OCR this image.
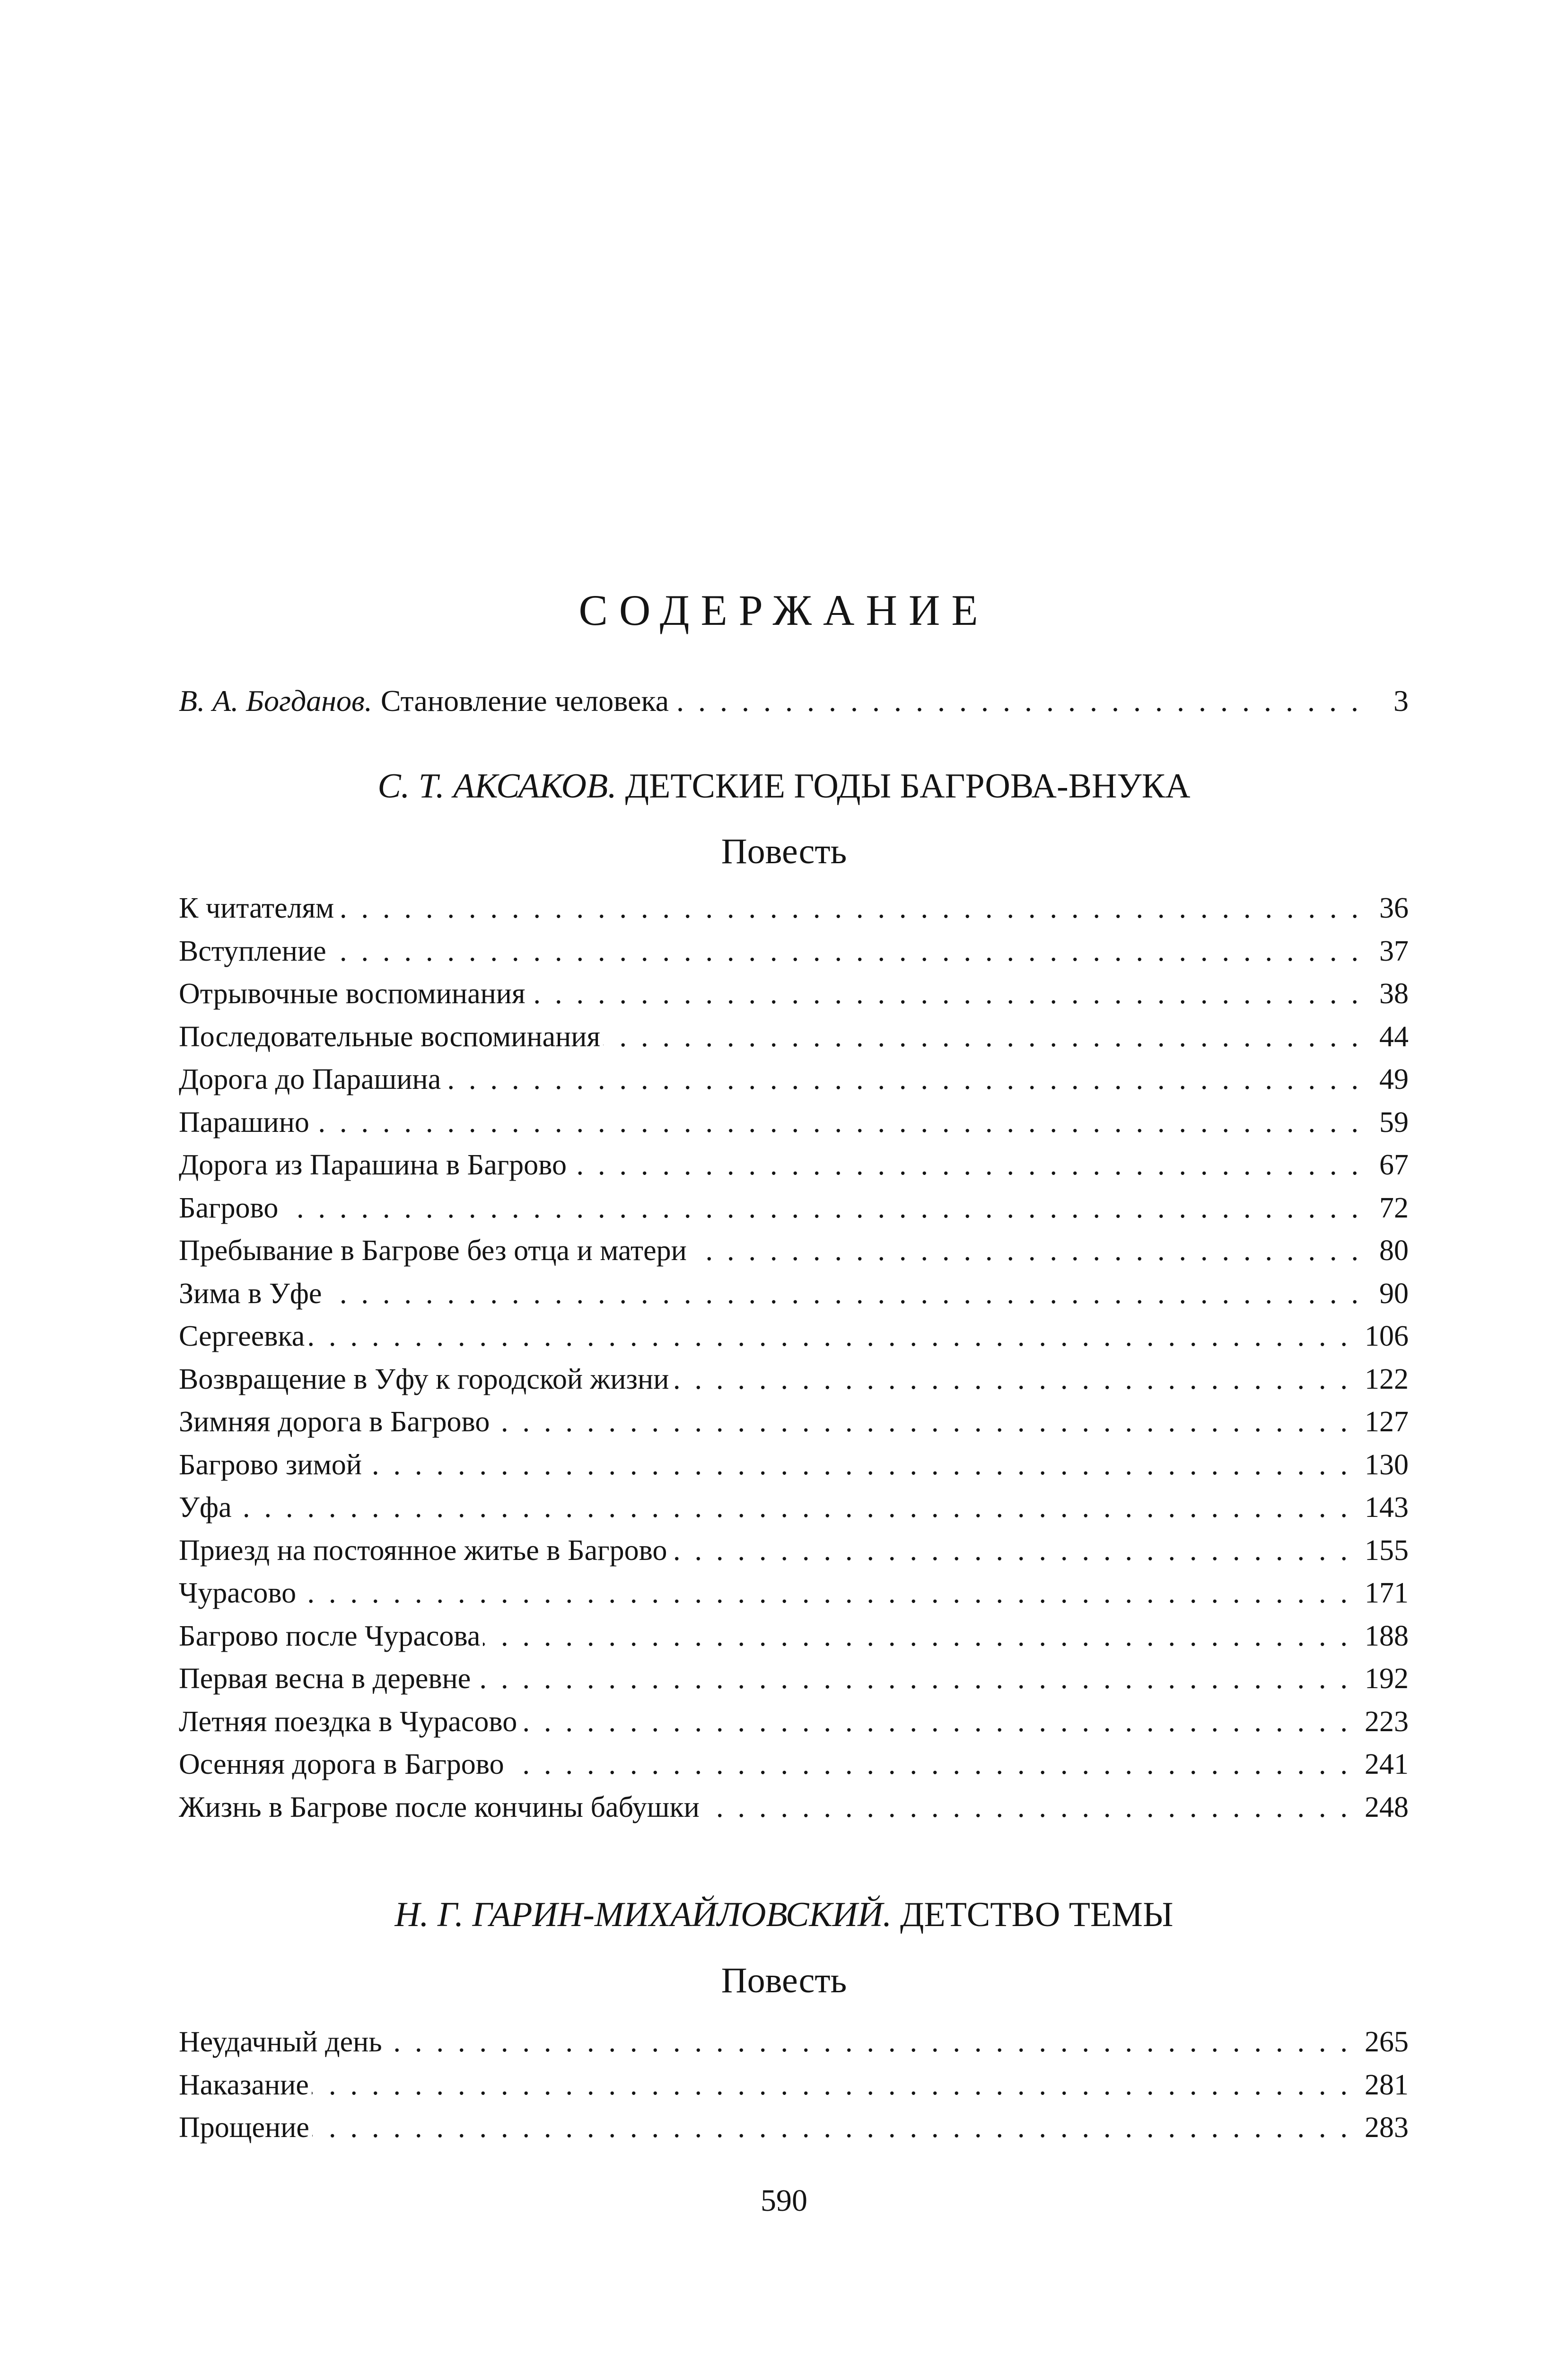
СОДЕРЖАНИЕ
В. А. Богданов. Становление человека .....	3
С. Т. АКСАКОВ. ДЕТСКИЕ ГОДЫ БАГРОВА-ВНУКА
Повесть
К читателям .....	36
Вступление .....	37
Отрывочные воспоминания .....	38
Последовательные воспоминания .....	44
Дорога до Парашина .....	49
Парашино .....	59
Дорога из Парашина в Багрово .....	67
Багрово .....	72
Пребывание в Багрове без отца и матери .....	80
Зима в Уфе .....	90
Сергеевка .....	106
Возвращение в Уфу к городской жизни .....	122
Зимняя дорога в Багрово .....	127
Багрово зимой .....	130
Уфа .....	143
Приезд на постоянное житье в Багрово .....	155
Чурасово .....	171
Багрово после Чурасова .....	188
Первая весна в деревне .....	192
Летняя поездка в Чурасово .....	223
Осенняя дорога в Багрово .....	241
Жизнь в Багрове после кончины бабушки .....	248
Н. Г. ГАРИН-МИХАЙЛОВСКИЙ. ДЕТСТВО ТЕМЫ
Повесть
Неудачный день .....	265
Наказание .....	281
Прощение .....	283
590
